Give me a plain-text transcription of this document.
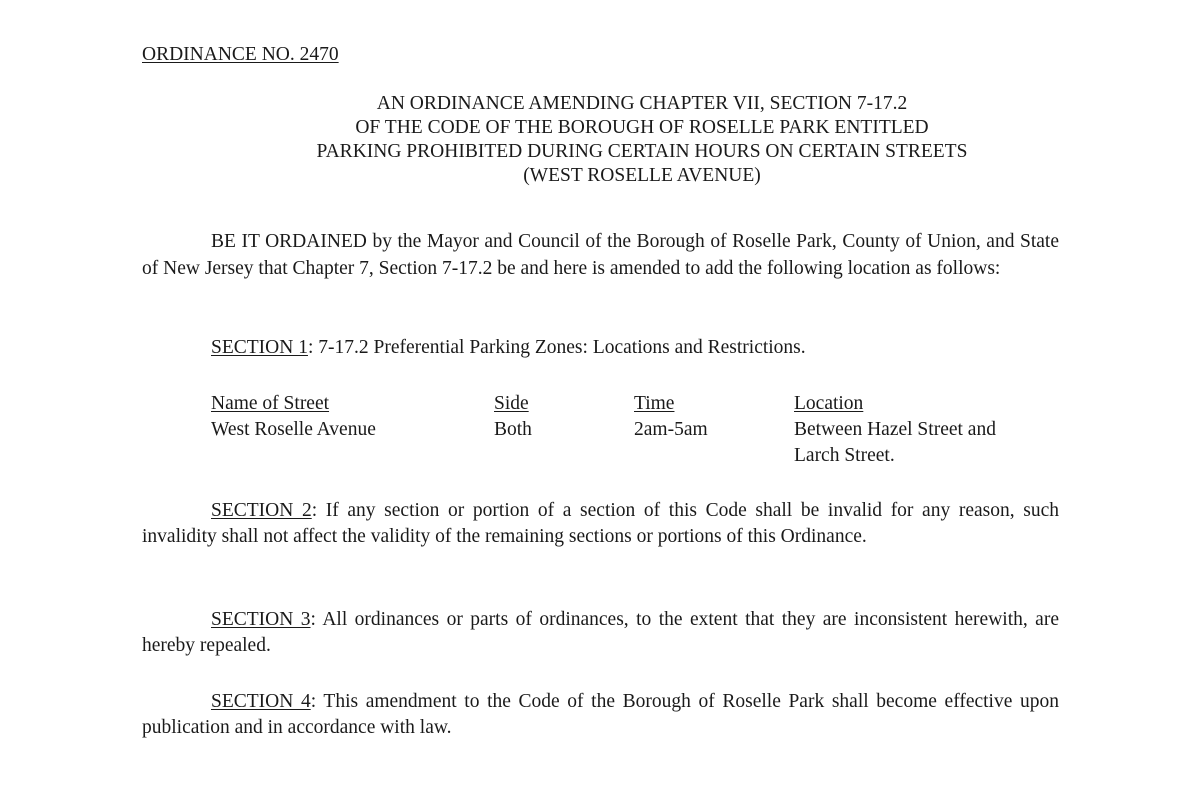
ORDINANCE NO. 2470
AN ORDINANCE AMENDING CHAPTER VII, SECTION 7-17.2
OF THE CODE OF THE BOROUGH OF ROSELLE PARK ENTITLED
PARKING PROHIBITED DURING CERTAIN HOURS ON CERTAIN STREETS
(WEST ROSELLE AVENUE)
BE IT ORDAINED by the Mayor and Council of the Borough of Roselle Park, County of Union, and State of New Jersey that Chapter 7, Section 7-17.2 be and here is amended to add the following location as follows:
SECTION 1: 7-17.2 Preferential Parking Zones: Locations and Restrictions.
Name of Street	Side	Time	Location
West Roselle Avenue	Both	2am-5am	Between Hazel Street and
Larch Street.
SECTION 2: If any section or portion of a section of this Code shall be invalid for any reason, such invalidity shall not affect the validity of the remaining sections or portions of this Ordinance.
SECTION 3: All ordinances or parts of ordinances, to the extent that they are inconsistent herewith, are hereby repealed.
SECTION 4: This amendment to the Code of the Borough of Roselle Park shall become effective upon publication and in accordance with law.
